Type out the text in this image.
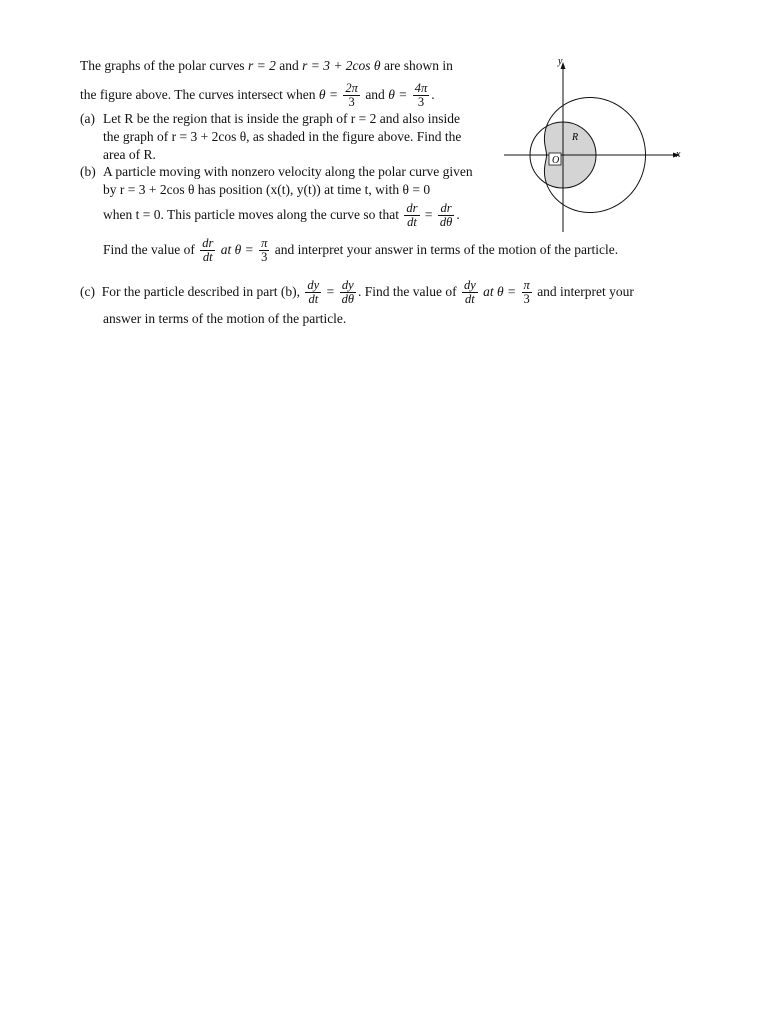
The graphs of the polar curves r = 2 and r = 3 + 2cos θ are shown in
the figure above. The curves intersect when $\theta = \frac{2\pi}{3}$ and $\theta = \frac{4\pi}{3}$ .
(a) Let R be the region that is inside the graph of r = 2 and also inside
the graph of r = 3 + 2cos θ, as shaded in the figure above. Find the
area of R.
(b) A particle moving with nonzero velocity along the polar curve given
by r = 3 + 2cos θ has position (x(t), y(t)) at time t, with θ = 0
when t = 0. This particle moves along the curve so that $\frac{dr}{dt} = \frac{dr}{d\theta}$ .
Find the value of $\frac{dr}{dt}$ at $\theta = \frac{\pi}{3}$ and interpret your answer in terms of the motion of the particle.
(c) For the particle described in part (b), $\frac{dy}{dt} = \frac{dy}{d\theta}$ . Find the value of $\frac{dy}{dt}$ at $\theta = \frac{\pi}{3}$ and interpret your
answer in terms of the motion of the particle.
y
x
O
R
